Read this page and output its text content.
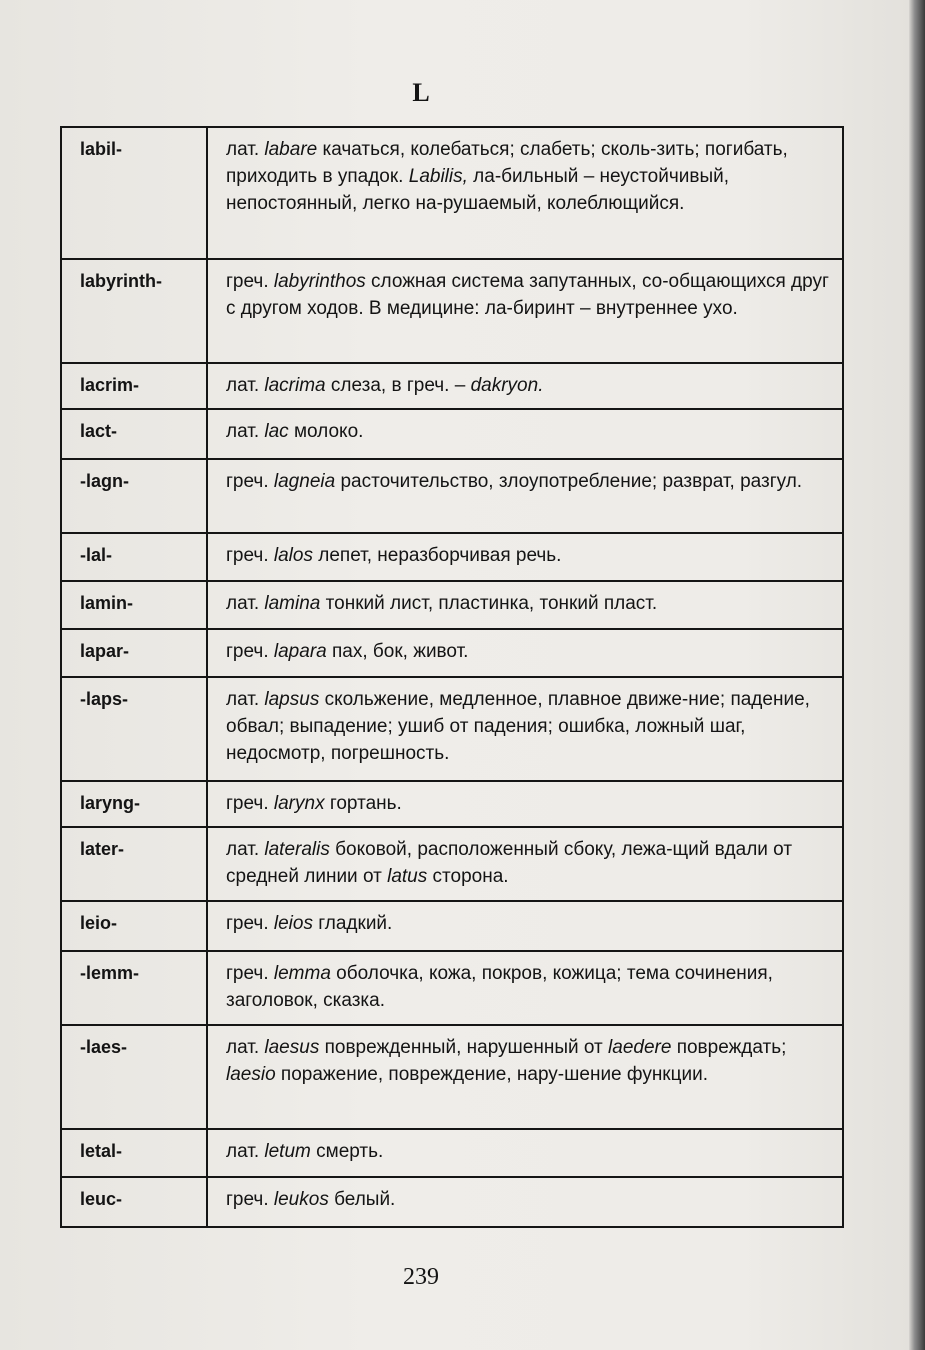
L
labil-	лат. labare качаться, колебаться; слабеть; сколь-зить; погибать, приходить в упадок. Labilis, ла-бильный – неустойчивый, непостоянный, легко на-рушаемый, колеблющийся.
labyrinth-	греч. labyrinthos сложная система запутанных, со-общающихся друг с другом ходов. В медицине: ла-биринт – внутреннее ухо.
lacrim-	лат. lacrima слеза, в греч. – dakryon.
lact-	лат. lac молоко.
-lagn-	греч. lagneia расточительство, злоупотребление; разврат, разгул.
-lal-	греч. lalos лепет, неразборчивая речь.
lamin-	лат. lamina тонкий лист, пластинка, тонкий пласт.
lapar-	греч. lapara пах, бок, живот.
-laps-	лат. lapsus скольжение, медленное, плавное движе-ние; падение, обвал; выпадение; ушиб от падения; ошибка, ложный шаг, недосмотр, погрешность.
laryng-	греч. larynx гортань.
later-	лат. lateralis боковой, расположенный сбоку, лежа-щий вдали от средней линии от latus сторона.
leio-	греч. leios гладкий.
-lemm-	греч. lemma оболочка, кожа, покров, кожица; тема сочинения, заголовок, сказка.
-laes-	лат. laesus поврежденный, нарушенный от laedere повреждать; laesio поражение, повреждение, нару-шение функции.
letal-	лат. letum смерть.
leuc-	греч. leukos белый.
239
